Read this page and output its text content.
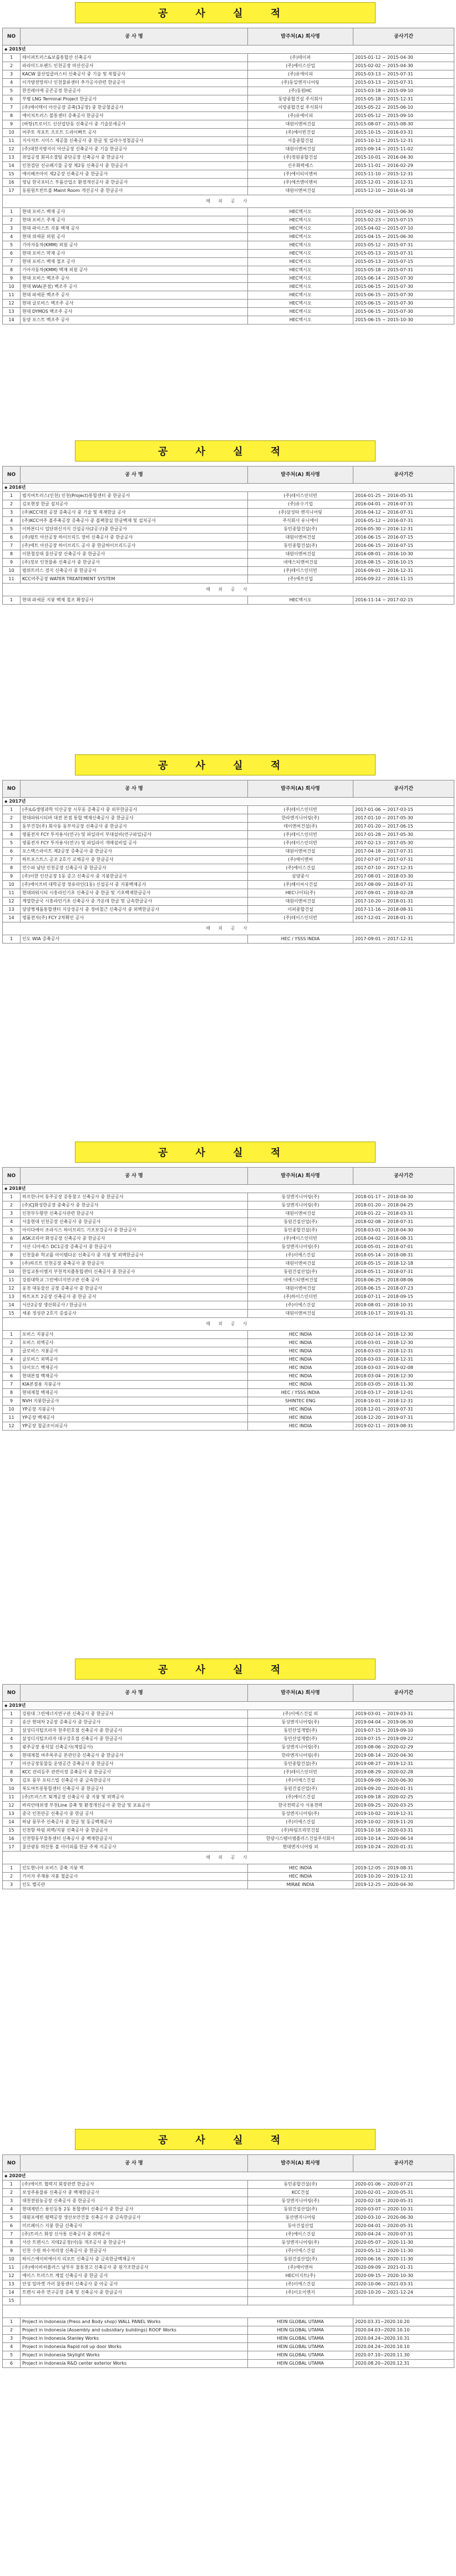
공 사 실 적
NO	공 사 명	발주처(A) 회사명	공사기간
◆ 2015년			
1	테이퍼트러스&보를통합산 신축공사	(주)테이퍼	2015-01-12 ~ 2015-04-30
2	파라미드포랜드 인천공장 마산신공사	(주)에이스산업	2015-02-02 ~ 2015-04-30
3	KACW 물산업클러스터 신축공사 중 기술 및 복합공사	(주)유에이피	2015-03-13 ~ 2015-07-31
4	이가방전망의나 인천물류센터 추가공사관련 한글공사	(주)동일엔지니어링	2015-03-13 ~ 2015-07-31
5	한진레이에 공존공정 한글공사	(주)동원HC	2015-03-18 ~ 2015-09-10
6	부평 LNG Terminal Project 한글공사	동양종합건설 주식회사	2015-05-18 ~ 2015-12-31
7	(주)에이텍이 아산공장 증축(3공장) 중 한글철골공사	이랑종합건설 주식회사	2015-05-22 ~ 2015-06-10
8	에이치트러스 볼통센터 증축공사 한글공사	(주)유에이피	2015-05-12 ~ 2015-09-10
9	(바탕)트로이드 신산업단동 신축공사 중 기술분세공사	대원이엔씨건설	2015-08-07 ~ 2015-08-30
10	여주토 직포트 프로트 드라이빠트 공사	(주)에이빈건설	2015-10-15 ~ 2016-03-31
11	지사자트 시미스 제공물 신축공사 중 한글 및 일라수정철골공사	서울종합건설	2015-10-12 ~ 2015-12-31
12	(주)대한지방지이 아산공장 신축공사 중 기술 한글공사	대원이엔씨건설	2015-09-14 ~ 2015-11-02
13	취업공정 회피소결팀 중단공장 신축공사 중 한글공사	(주)정원종합건설	2015-10-01 ~ 2016-04-30
14	인천검단 신규폐기물 공장 제2동 신축공사 중 한글공사	신우화력에스	2015-11-01 ~ 2016-02-29
15	에이베쓰아이 제2공장 신축공사 중 한글공사	(주)에이티이엔씨	2015-11-10 ~ 2015-12-31
16	영님 한국포티스 부품산업소 환경개선공사 중 한글공사	(주)에쓰엔이엔씨	2015-12-01 ~ 2016-12-31
17	동원원트빈트볼 Maint Room 개선공사 중 한글공사	대원이엔씨건설	2015-12-10 ~ 2016-01-18
해 외 공 사			
1	현대 포비스 백재 공사	HEC엑시오	2015-02-04 ~ 2015-06-30
2	현대 포비스 주재 공사	HEC엑시오	2015-02-23 ~ 2015-07-15
3	현대 파이스트 지붕 백재 공사	HEC엑시오	2015-04-02 ~ 2015-07-10
4	현대 위세문 외원 공사	HEC엑시오	2015-04-15 ~ 2015-06-30
5	기아자동차(KMM) 외원 공사	HEC엑시오	2015-05-12 ~ 2015-07-31
6	현대 포비스 막재 공사	HEC엑시오	2015-05-13 ~ 2015-07-31
7	현대 포비스 백재 철조 공사	HEC엑시오	2015-05-13 ~ 2015-07-15
8	기아자동차(KMM) 백재 외원 공사	HEC엑시오	2015-05-18 ~ 2015-07-31
9	현대 포비스 백조주 공사	HEC엑시오	2015-06-14 ~ 2015-07-30
10	현대 WIA(본점) 백조주 공사	HEC엑시오	2015-06-15 ~ 2015-07-30
11	현대 파세문 백조주 공사	HEC엑시오	2015-06-15 ~ 2015-07-30
12	현대 글로비스 백조주 공사	HEC엑시오	2015-06-15 ~ 2015-07-30
13	현대 DYMOS 백조주 공사	HEC엑시오	2015-06-15 ~ 2015-07-30
14	동양 포스트 백조주 공사	HEC엑시오	2015-06-15 ~ 2015-10-30
공 사 실 적
NO	공 사 명	발주처(A) 회사명	공사기간
◆ 2016년			
1	범지여트러스(인천) 인천(Project)통합센터 중 한글공사	(주)테이스인더빈	2016-01-25 ~ 2016-05-31
2	김포현장 한글 설치공사	(주)유수기업	2016-04-01 ~ 2016-07-31
3	(주)KCC대천 공장 증축공사 중 기술 및 복재한글 공사	(주)삼성타 엔지니어링	2016-04-12 ~ 2016-07-31
4	(주)KCC여주 볼주축공장 증축공사 중 볼팩참실 한글백재 및 설치공사	주식회사 유니에이	2016-05-12 ~ 2016-07-31
5	이하본디시 업단위신지식 건설공사(2공구)중 한글공사	동민종합건설(주)	2016-05-30 ~ 2016-12-31
6	(주)평트 아산공장 하이브리드 장비 신축공사 중 한글공사	대원이엔씨건설	2016-06-15 ~ 2016-07-15
7	(주)에트 아산공장 하이브리드 공사 중 한글하이브리드공사	동민종합건설(주)	2016-06-15 ~ 2016-07-15
8	이한철강대 울산공장 신축공사 중 한글공사	대원이엔씨건설	2016-08-01 ~ 2016-10-30
9	(주)정보 인천물류 신축공사 중 한글공사	네에스티엔씨건설	2016-08-15 ~ 2016-10-15
10	범위트러스 경지 신축공사 중 한글공사	(주)테이스인더빈	2016-09-01 ~ 2016-12-31
11	KCC여주공장 WATER TREATEMENT SYSTEM	(주)에쓰신업	2016-09-22 ~ 2016-11-15
해 외 공 사			
1	현대 파세문 지붕 백재 철조 확장공사	HEC엑시오	2016-11-14 ~ 2017-02-15
공 사 실 적
NO	공 사 명	발주처(A) 회사명	공사기간
◆ 2017년			
1	(주)LG생명과학 익산공장 시무동 증축공사 중 외부한글공사	(주)테이스인더빈	2017-01-06 ~ 2017-03-15
2	현대파워시티바 대전 본점 통합 백재신축공사 중 한글공사	한라엔지니어링(주)	2017-01-10 ~ 2017-05-30
3	동부건강(주) 회사동 동부석공장 신축공사 중 한글공사	테이엔씨건설(주)	2017-01-20 ~ 2017-06-15
4	명품전자 FCY 투자용사(연구) 및 파일라이 부대설비(연구파일)공사	(주)테이스인더빈	2017-01-28 ~ 2017-05-30
5	명품전자 FCY 투자용사(연구) 및 파일라이 개매설비업 공사	(주)테이스인더빈	2017-02-13 ~ 2017-05-30
6	포스텍스라이트 제2공장 증축공사 중 한글공사	대원이엔씨건설	2017-04-18 ~ 2017-07-31
7	하트포스트스 공조 2호기 교체공사 중 한글공사	(주)에이엔씨	2017-07-07 ~ 2017-07-31
8	연수파 남단 인천공장 신축공사 중 한글공사	(주)에이스건설	2017-07-10 ~ 2017-12-31
9	(주)이한 인산공장 1동 증고 신축공사 중 지붕한글공사	삼양중시	2017-08-01 ~ 2018-03-30
10	(주)에이쓰비 대학공장 정유라인(1동) 신설공사 중 지붕백재공사	(주)해이씨시건설	2017-08-09 ~ 2018-07-31
11	현대파워시티 시흥라인기초 신축공사 중 한글 및 기초백재한글공사	HEC나이티(주)	2017-09-01 ~ 2018-02-28
12	계열한글국 시흥라인기초 신축공사 중 가운데 한글 및 금속한글공사	대원이엔씨건설	2017-10-20 ~ 2018-01-31
13	당양쩡제품통합센터 지상성공사 중 정비철근 신축공사 중 외벽한글공사	이퍼종합건설	2017-11-16 ~ 2018-08-31
14	명품전자(주) FCY 2차확인 공사	(주)테이스인더빈	2017-12-01 ~ 2018-01-31
해 외 공 사			
1	인도 WIA 증축공사	HEC / YSSS INDIA	2017-09-01 ~ 2017-12-31
공 사 실 적
NO	공 사 명	발주처(A) 회사명	공사기간
◆ 2018년			
1	하프한니어 동주공장 증통참고 신축공사 중 한글공사	동성엔지니어링(주)	2018-01-17 ~ 2018-04-30
2	(주)CJ화성한공장 중축공사 중 한글공사	동성엔지니어링(주)	2018-01-20 ~ 2018-04-25
3	인천부두항만 신축공사관련 한글공사	대원이엔씨건설	2018-01-22 ~ 2018-03-31
4	서울현대 인천공장 신축공사 중 한글공사	동원건설산업(주)	2018-02-08 ~ 2018-07-31
5	아이다에이 조라시스 하이브리드 기조보강공사 중 한글공사	동민종합건설(주)	2018-03-01 ~ 2018-04-30
6	ASK코리아 화성공장 신축공사 중 한글공사	(주)에이스인더빈	2018-04-02 ~ 2018-08-31
7	서산 디아세스 DC1공장 증축공사 중 한글공사	동성엔지니어링(주)	2018-05-01 ~ 2018-07-01
8	인천물류 학교를 아이템다운 신축공사 중 지붕 및 외벽한글공사	(주)이에스건설	2018-05-14 ~ 2018-08-31
9	(주)하프트 인천공장 중축공사 중 한글공사	대원이엔씨건설	2018-05-15 ~ 2018-12-18
10	한일교통이엠지 부천적치플통합센터 신축공사 중 한글공사	동원건설산업(주)	2018-05-11 ~ 2018-07-31
11	강원대학교 그린에너지연구관 신축 공사	네에스티엔씨건설	2018-06-25 ~ 2018-08-06
12	웅천 대동물산 공장 증축공사 중 한글공사	대원이엔씨건설	2018-06-15 ~ 2018-07-23
13	하트포트 2공장 신축공사 중 한글 공사	(주)하이스인더빈	2018-07-11 ~ 2018-09-15
14	서산2공장 생산회공사 / 한글공사	(주)이에스건설	2018-08-01 ~ 2018-10-31
15	세종 정성관 2호기 증설공사	대원이엔씨건설	2018-10-17 ~ 2019-01-31
해 외 공 사			
1	포비스 지붕공사	HEC INDIA	2018-02-14 ~ 2018-12-30
2	포비스 외벽공사	HEC INDIA	2018-03-01 ~ 2018-12-30
3	글로비스 지붕공사	HEC INDIA	2018-03-03 ~ 2018-12-31
4	글로비스 외벽공사	HEC INDIA	2018-03-03 ~ 2018-12-31
5	다이모스 백재공사	HEC INDIA	2018-03-03 ~ 2019-02-08
6	현대본점 백재공사	HEC INDIA	2018-03-04 ~ 2018-12-30
7	KIA본점용 지붕공사	HEC INDIA	2018-03-05 ~ 2018-11-30
8	현대제철 백재공사	HEC / YSSS INDIA	2018-03-17 ~ 2018-12-01
9	NVH 지붕한글공사	SHINTEC ENG	2018-10-01 ~ 2018-12-31
10	YP공장 지붕공사	HEC INDIA	2018-12-01 ~ 2019-07-31
11	YP공장 백재공사	HEC INDIA	2018-12-20 ~ 2019-07-31
12	YP공장 철골조이피공사	HEC INDIA	2019-02-11 ~ 2019-08-31
공 사 실 적
NO	공 사 명	발주처(A) 회사명	공사기간
◆ 2019년			
1	강원대 그린에너지연구관 신축공사 중 한글공사	(주)이에스건설 외	2019-03-01 ~ 2019-03-31
2	송산 현대차 2공장 증축공사 중 한글공사	동성엔지니어링(주)	2019-04-04 ~ 2019-06-30
3	삼성디지털프라자 천주민호점 신축공사 중 한글공사	동민산업개발(주)	2019-07-15 ~ 2019-09-10
4	삼성디지털프라자 대구강호점 신축공사 중 한글공사	동민산업개발(주)	2019-07-15 ~ 2019-09-22
5	광주공장 용석설 신축공사(계열공사)	동성엔지니어링(주)	2019-08-06 ~ 2020-02-29
6	현대제철 여주폭주공 본관인증 신축공사 중 한글공사	한라엔지니어링(주)	2019-08-14 ~ 2020-04-30
7	아산공장동물들 운영공간 증축공사 중 한글공사	동민종합건설(주)	2019-08-27 ~ 2019-12-31
8	KCC 관리등주 관련이정 증축공사 중 한글공사	(주)테이스인더빈	2019-08-29 ~ 2020-02-28
9	김포 풍무 포티스빌 신축공사 중 금속한글공사	(주)이에스건설	2019-09-09 ~ 2020-06-30
10	북도여트롱통합센터 신축공사 중 한글공사	동원건설산업(주)	2019-09-20 ~ 2020-01-31
11	(주)트러스트 퇴계공장 신축공사 중 지붕 및 외벽공사	(주)에이스건설	2019-09-18 ~ 2020-02-25
12	바리안테위생 부천Line 증축 및 환경개선공사 중 한글 및 포표공사	한국전력공사 서용전력	2019-09-25 ~ 2020-03-25
13	중국 인천관공 신축공사 중 한글 공사	동성엔지니어링(주)	2019-10-02 ~ 2019-12-31
14	하남 풍무주 신축공사 중 한글 및 동공백재공사	(주)이에스건설	2019-10-02 ~ 2019-11-20
15	인천항 하림 외벽/지붕 신축공사 중 한글공사	(주)하림프리민건설	2019-10-18 ~ 2020-03-31
16	인천항동부물통센터 신축공사 중 백재한글공사	한양시스템이엠플러스건설주식회사	2019-10-14 ~ 2020-06-14
17	울산광동 하산통 볼 아이피를 한글 주제 지공공사	현대엔지니어링 외	2019-10-24 ~ 2020-01-31
해 외 공 사			
1	인도현니아 포비스 증축 지붕 벽	HEC INDIA	2019-12-05 ~ 2019-08-31
2	기이자 주재용 지붕 철골공사	HEC INDIA	2019-10-20 ~ 2019-12-31
3	인도 별곡관	MIRAE INDIA	2019-12-25 ~ 2020-04-30
공 사 실 적
NO	공 사 명	발주처(A) 회사명	공사기간
◆ 2020년			
1	(주)에이트 협력지 회장관련 한글공사	동민종합건설(주)	2020-01-06 ~ 2020-07-21
2	보성주용물류 신축공사 중 백재한글공사	KCC건설	2020-02-01 ~ 2020-05-31
3	대천전원농공장 신축공사 중 한글공사	동성엔지니어링(주)	2020-02-18 ~ 2020-05-31
4	현대제빈스 용인등통 2동 통합센터 신축공사 중 한글 공사	동원건설산업(주)	2020-03-07 ~ 2020-10-31
5	대원포에빈 평택공장 생산보안건물 신축공사 중 금속한글공사	동산엔지니어링	2020-03-10 ~ 2020-06-30
6	미르페이스 지붕 한글 신축공사	동아건설산업	2020-04-01 ~ 2020-05-31
7	(주)트러스 화장 신사통 신축공사 중 외벽공사	(주)에이스건설	2020-04-24 ~ 2020-07-31
8	서산 트렌시스 지테2공정(아)동 개조공사 중 한글공사	동성엔지니어링(주)	2020-05-07 ~ 2020-11-30
9	인천 수원 하수처리장 신축공사 중 한글공사	(주)이에스건설	2020-05-12 ~ 2020-11-30
10	하이스에이비에이지 리포트 신축공사 중 금속한글백재공사	동원건설산업(주)	2020-06-16 ~ 2020-11-30
11	(주)에이비씨플러스 남부우 물통창고 신축공사 중 원가조한글공사	(주)에이엔씨	2020-09-09 ~ 2021-01-31
12	에이스 트러스트 계열 신축공사 중 한글 공사	HEC이지트(주)	2020-09-15 ~ 2020-10-30
13	안성 밀마켓 가러 물통센터 신축공사 중 아공 공사	(주)이에스건설	2020-10-06 ~ 2021-03-31
14	트렌시 파주 연구공장 증축 및 신축공사 중 한글공사	(주)이오이엔지	2020-10-20 ~ 2021-12-24
15			

1	Project in Indonesia (Press and Body shop) WALL PANEL Works	HEIN GLOBAL UTAMA	2020.03.31~2020.10.20
2	Project in Indonesia (Assembly and subsidiary buildings) ROOF Works	HEIN GLOBAL UTAMA	2020.04.03~2020.10.10
3	Project in Indonesia Stanley Works	HEIN GLOBAL UTAMA	2020.04.24~2020.10.31
4	Project in Indonesia Rapid roll up door Works	HEIN GLOBAL UTAMA	2020.04.24~2020.10.10
5	Project in Indonesia Skylight Works	HEIN GLOBAL UTAMA	2020.07.10~2020.11.30
6	Project in Indonesia R&D center exterior Works	HEIN GLOBAL UTAMA	2020.08.20~2020.12.31
